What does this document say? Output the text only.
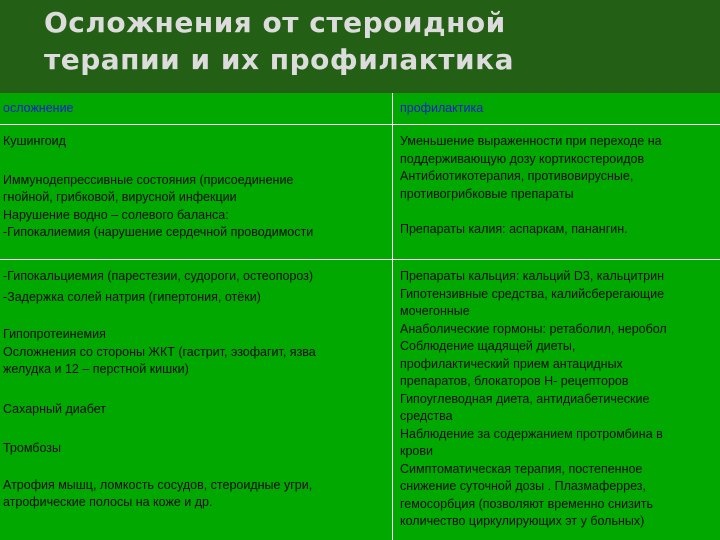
Осложнения от стероидной
терапии и их профилактика
осложнение	профилактика

Кушингоид

Иммунодепрессивные состояния (присоединение

гнойной, грибковой, вирусной инфекции

Нарушение водно – солевого баланса:

-Гипокалиемия (нарушение сердечной проводимости

Уменьшение выраженности при переходе на

поддерживающую дозу кортикостероидов

Антибиотикотерапия, противовирусные,

противогрибковые препараты

Препараты калия: аспаркам, панангин.

-Гипокальциемия (парестезии, судороги, остеопороз)

-Задержка солей натрия (гипертония, отёки)

Гипопротеинемия

Осложнения со стороны ЖКТ (гастрит, эзофагит, язва

желудка и 12 – перстной кишки)

Сахарный диабет

Тромбозы

Атрофия мышц, ломкость сосудов, стероидные угри,

атрофические полосы на коже и др.

Препараты кальция: кальций D3, кальцитрин

Гипотензивные средства, калийсберегающие

мочегонные

Анаболические гормоны: ретаболил, неробол

Соблюдение щадящей диеты,

профилактический прием антацидных

препаратов, блокаторов Н- рецепторов

Гипоуглеводная диета, антидиабетические

средства

Наблюдение за содержанием протромбина в

крови

Симптоматическая терапия, постепенное

снижение суточной дозы . Плазмаферрез,

гемосорбция (позволяют временно снизить

количество циркулирующих эт у больных)
